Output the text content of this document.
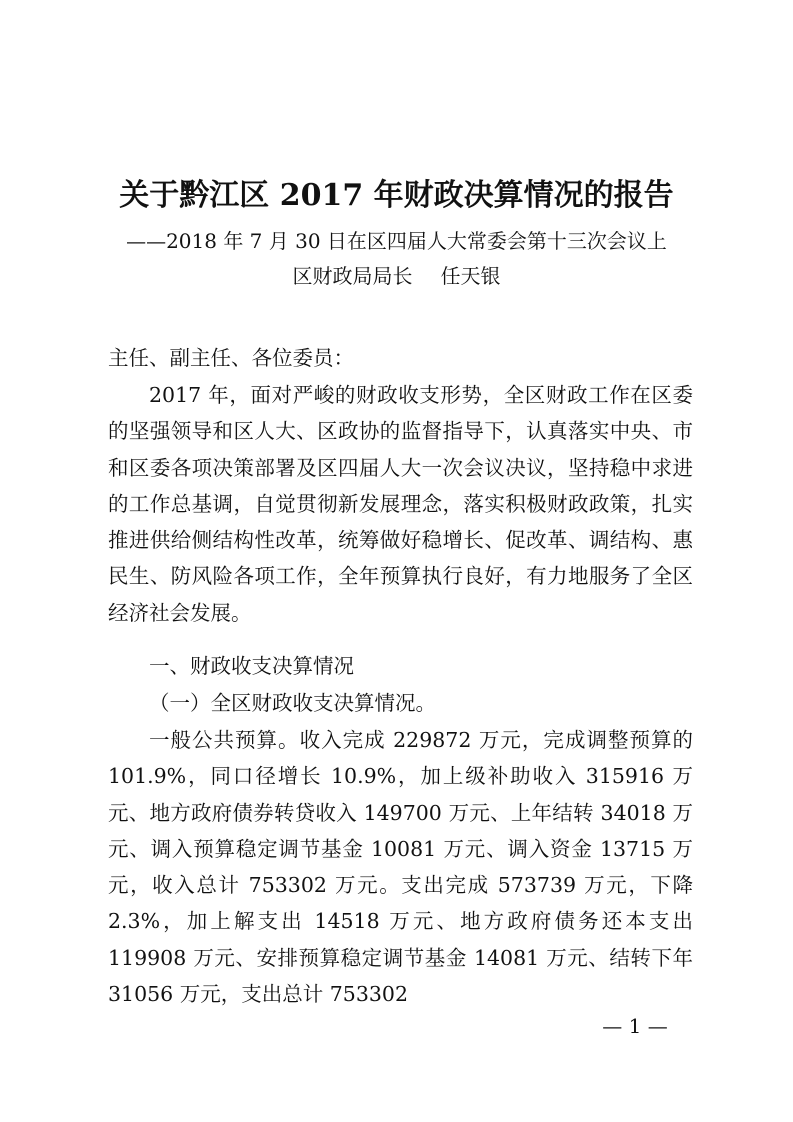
关于黔江区 2017 年财政决算情况的报告
——2018 年 7 月 30 日在区四届人大常委会第十三次会议上
区财政局局长 任天银
主任、副主任、各位委员：
2017 年，面对严峻的财政收支形势，全区财政工作在区委的坚强领导和区人大、区政协的监督指导下，认真落实中央、市和区委各项决策部署及区四届人大一次会议决议，坚持稳中求进的工作总基调，自觉贯彻新发展理念，落实积极财政政策，扎实推进供给侧结构性改革，统筹做好稳增长、促改革、调结构、惠民生、防风险各项工作，全年预算执行良好，有力地服务了全区经济社会发展。
一、财政收支决算情况
（一）全区财政收支决算情况。
一般公共预算。收入完成 229872 万元，完成调整预算的 101.9%，同口径增长 10.9%，加上级补助收入 315916 万元、地方政府债券转贷收入 149700 万元、上年结转 34018 万元、调入预算稳定调节基金 10081 万元、调入资金 13715 万元，收入总计 753302 万元。支出完成 573739 万元，下降 2.3%，加上解支出 14518 万元、地方政府债务还本支出 119908 万元、安排预算稳定调节基金 14081 万元、结转下年 31056 万元，支出总计 753302
— 1 —
